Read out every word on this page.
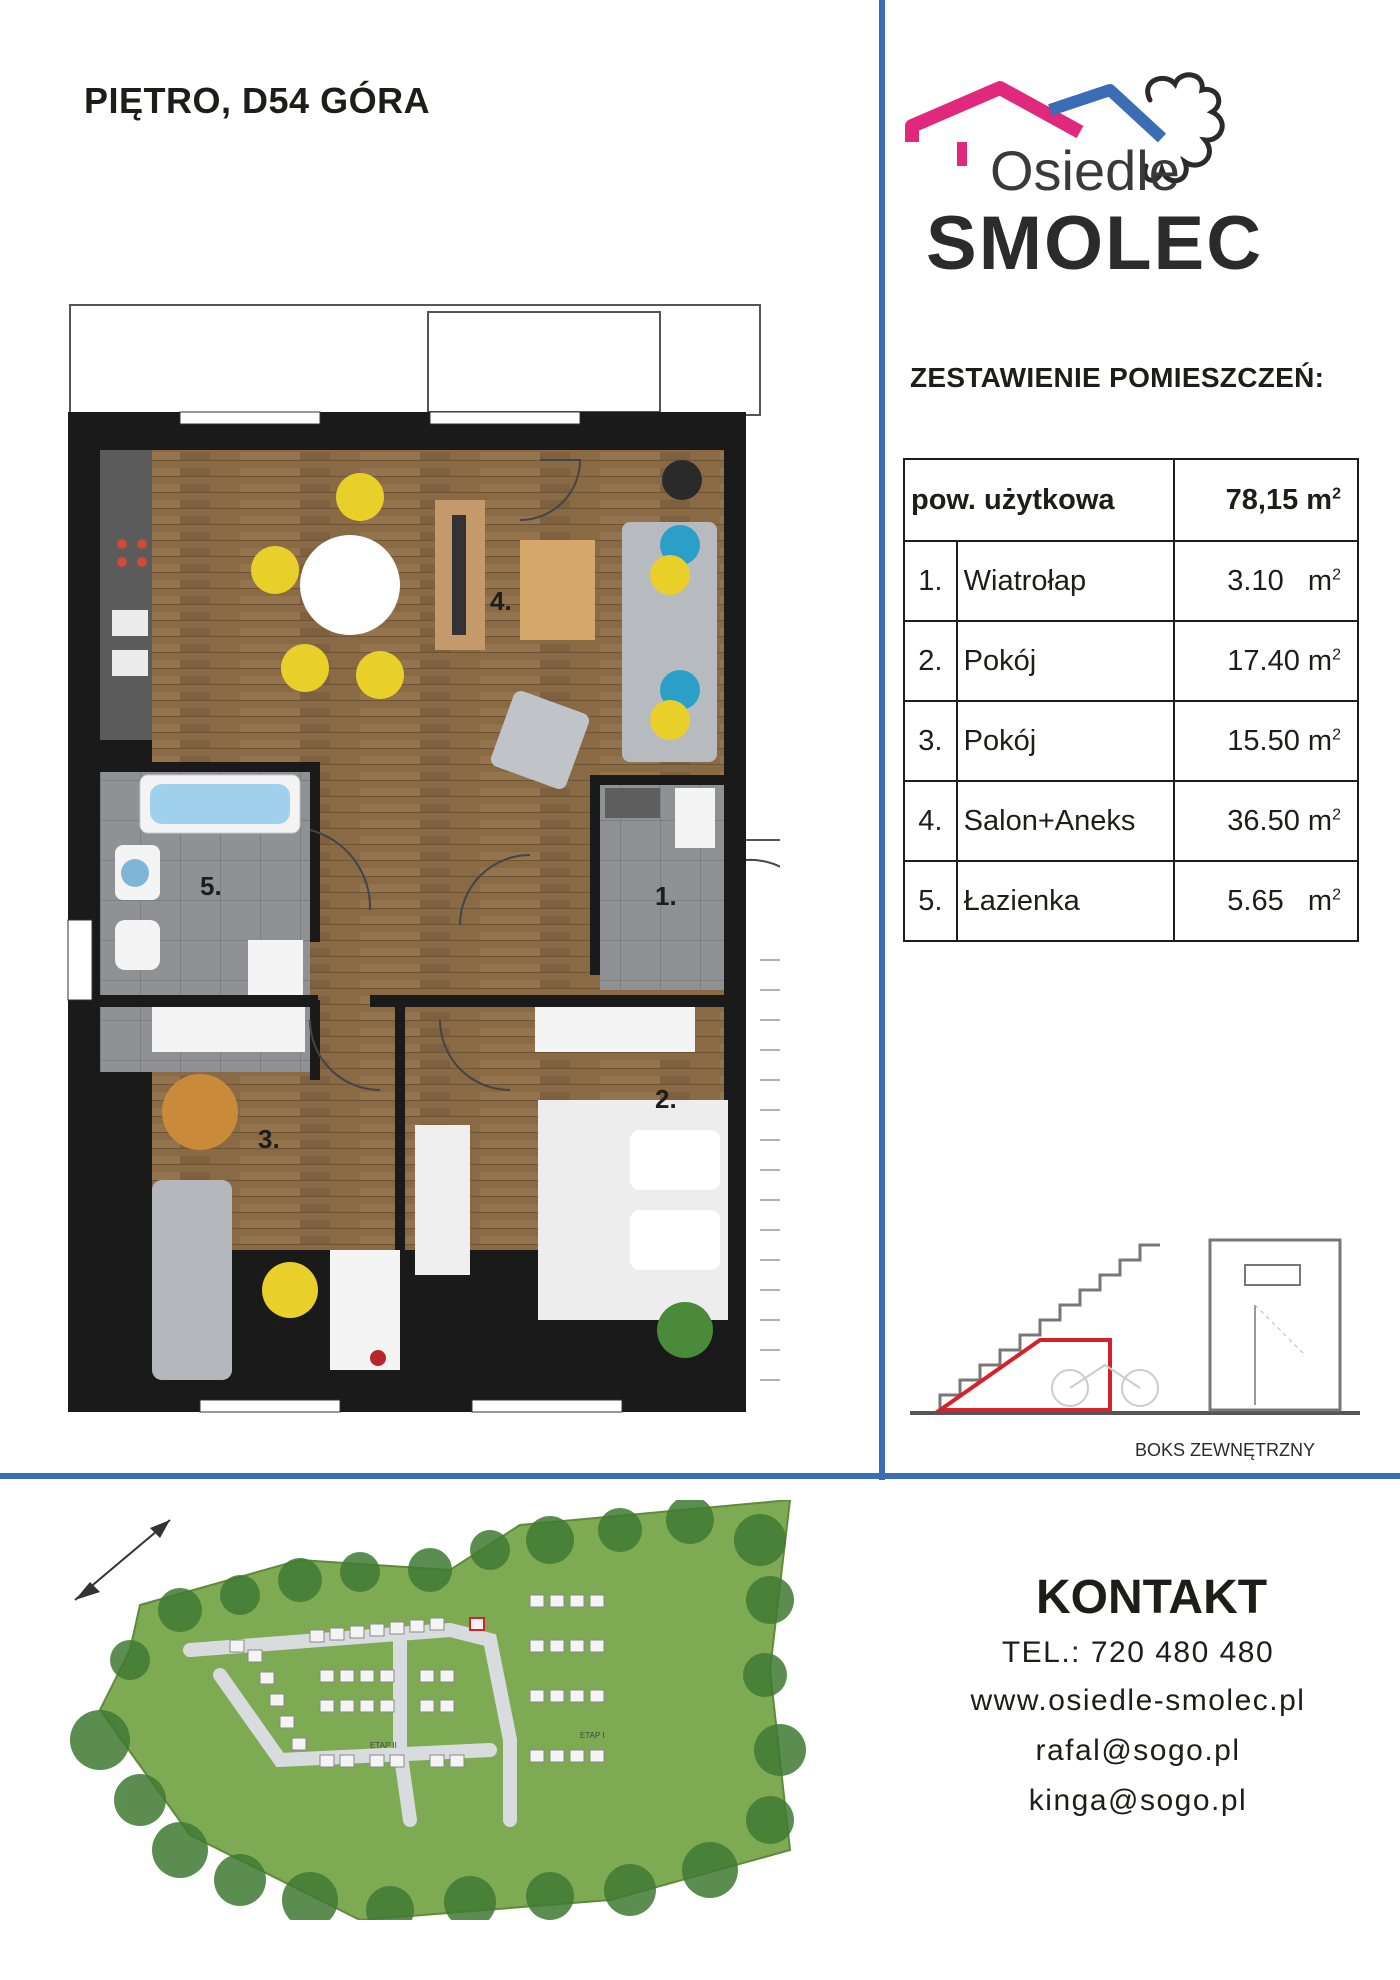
PIĘTRO, D54 GÓRA
Osiedle
SMOLEC
ZESTAWIENIE POMIESZCZEŃ:
pow. użytkowa		78,15 $m^2$
1.	Wiatrołap	3.10 $m^2$
2.	Pokój	17.40 $m^2$
3.	Pokój	15.50 $m^2$
4.	Salon+Aneks	36.50 $m^2$
5.	Łazienka	5.65 $m^2$
1.
2.
3.
4.
5.
BOKS ZEWNĘTRZNY
ETAP II
ETAP I
KONTAKT
TEL.: 720 480 480
www.osiedle-smolec.pl
rafal@sogo.pl
kinga@sogo.pl
